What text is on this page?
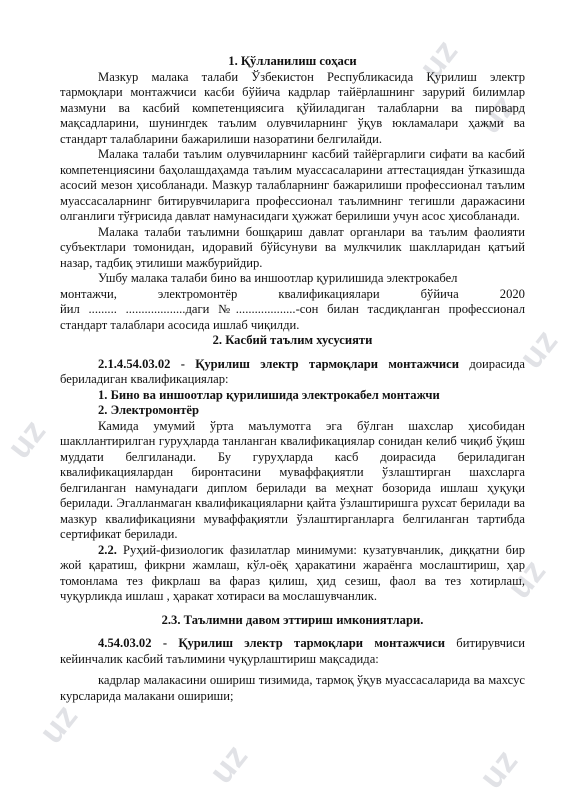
uz
uz
uz
uz
uz
uz
uz	uz
1. Қўлланилиш соҳаси

Мазкур малака талаби Ўзбекистон Республикасида Қурилиш электр тармоқлари монтажчиси касби бўйича кадрлар тайёрлашнинг зарурий билимлар мазмуни ва касбий компетенциясига қўйиладиган талабларни ва пировард мақсадларини, шунингдек таълим олувчиларнинг ўқув юкламалари ҳажми ва стандарт талабларини бажарилиши назоратини белгилайди.

Малака талаби таълим олувчиларнинг касбий тайёргарлиги сифати ва касбий компетенциясини баҳолашдаҳамда таълим муассасаларини аттестациядан ўтказишда асосий мезон ҳисобланади. Мазкур талабларнинг бажарилиши профессионал таълим муассасаларнинг битирувчиларига профессионал таълимнинг тегишли даражасини олганлиги тўғрисида давлат намунасидаги ҳужжат берилиши учун асос ҳисобланади.

Малака талаби таълимни бошқариш давлат органлари ва таълим фаолияти субъектлари томонидан, идоравий бўйсунуви ва мулкчилик шаклларидан қатъий назар, тадбиқ этилиши мажбурийдир.

Ушбу малака талаби бино ва иншоотлар қурилишида электрокабел

монтажчи,	электромонтёр	квалификациялари	бўйича	2020

йил ......... ...................даги №...................-сон билан тасдиқланган профессионал стандарт талаблари асосида ишлаб чиқилди.

2. Касбий таълим хусусияти

2.1.4.54.03.02 - Қурилиш электр тармоқлари монтажчиси доирасида бериладиган квалификациялар:

1. Бино ва иншоотлар қурилишида электрокабел монтажчи

2. Электромонтёр

Камида умумий ўрта маълумотга эга бўлган шахслар ҳисобидан шакллантирилган гуруҳларда танланган квалификациялар сонидан келиб чиқиб ўқиш муддати белгиланади. Бу гуруҳларда касб доирасида бериладиган квалификациялардан биронтасини муваффақиятли ўзлаштирган шахсларга белгиланган намунадаги диплом берилади ва меҳнат бозорида ишлаш ҳуқуқи берилади. Эгалланмаган квалификацияларни қайта ўзлаштиришга рухсат берилади ва мазкур квалификацияни муваффақиятли ўзлаштирганларга белгиланган тартибда сертификат берилади.

2.2. Руҳий-физиологик фазилатлар минимуми: кузатувчанлик, диққатни бир жой қаратиш, фикрни жамлаш, кўл-оёқ ҳаракатини жараёнга мослаштириш, ҳар томонлама тез фикрлаш ва фараз қилиш, ҳид сезиш, фаол ва тез хотирлаш, чуқурликда ишлаш , ҳаракат хотираси ва мослашувчанлик.

2.3. Таълимни давом эттириш имкониятлари.

4.54.03.02 - Қурилиш электр тармоқлари монтажчиси битирувчиси кейинчалик касбий таълимини чуқурлаштириш мақсадида:

кадрлар малакасини ошириш тизимида, тармоқ ўқув муассасаларида ва махсус курсларида малакани ошириши;
